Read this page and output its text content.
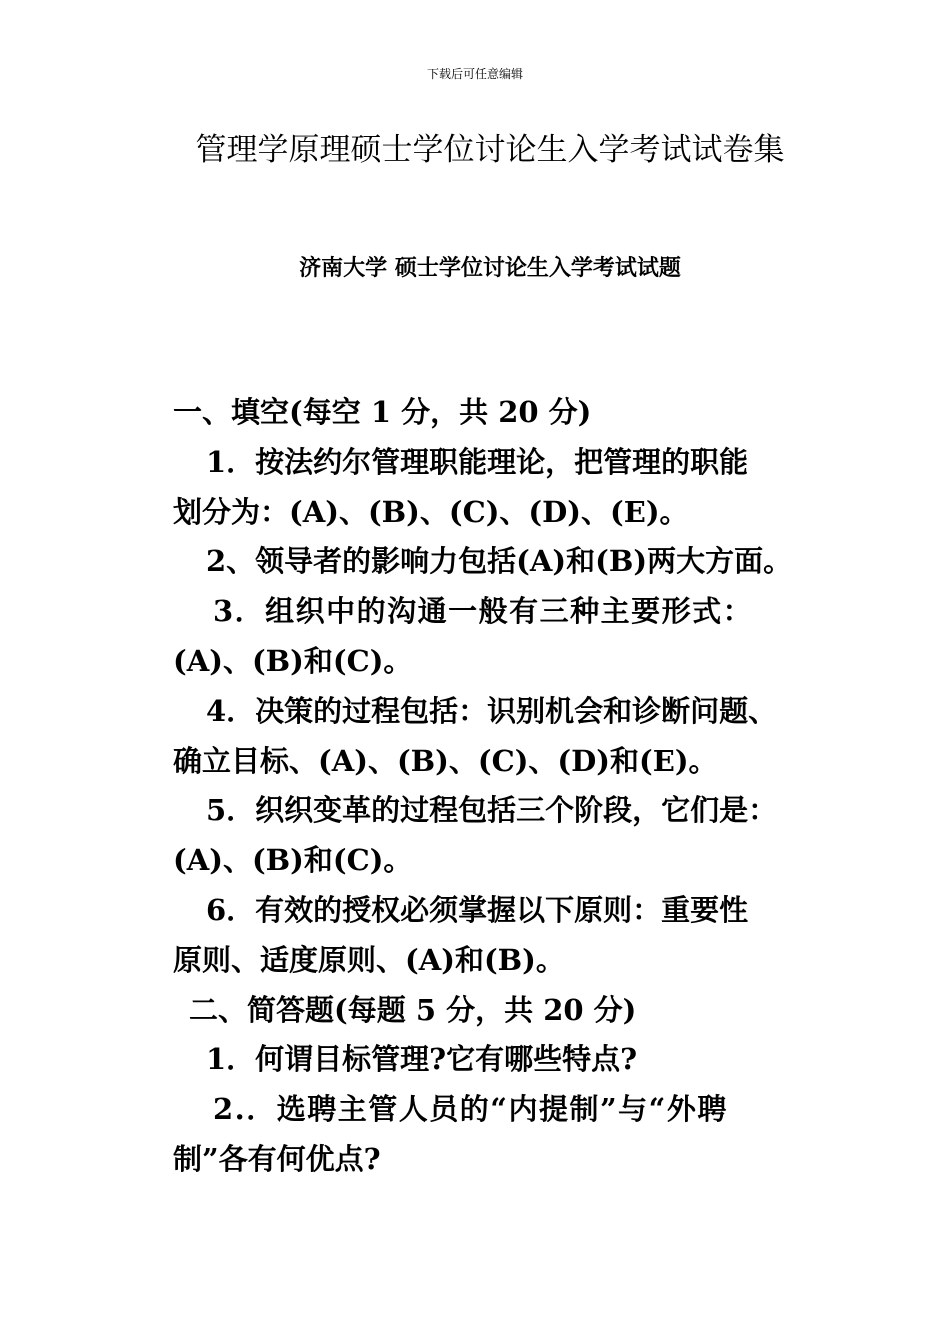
下载后可任意编辑
管理学原理硕士学位讨论生入学考试试卷集
济南大学 硕士学位讨论生入学考试试题

一、填空(每空 1 分，共 20 分)

1．按法约尔管理职能理论，把管理的职能

划分为：(A)、(B)、(C)、(D)、(E)。

2、领导者的影响力包括(A)和(B)两大方面。

3．组织中的沟通一般有三种主要形式：

(A)、(B)和(C)。

4．决策的过程包括：识别机会和诊断问题、

确立目标、(A)、(B)、(C)、(D)和(E)。

5．织织变革的过程包括三个阶段，它们是：

(A)、(B)和(C)。

6．有效的授权必须掌握以下原则：重要性

原则、适度原则、(A)和(B)。

二、简答题(每题 5 分，共 20 分)

1．何谓目标管理?它有哪些特点?

2.．选聘主管人员的“内提制”与“外聘

制”各有何优点?
